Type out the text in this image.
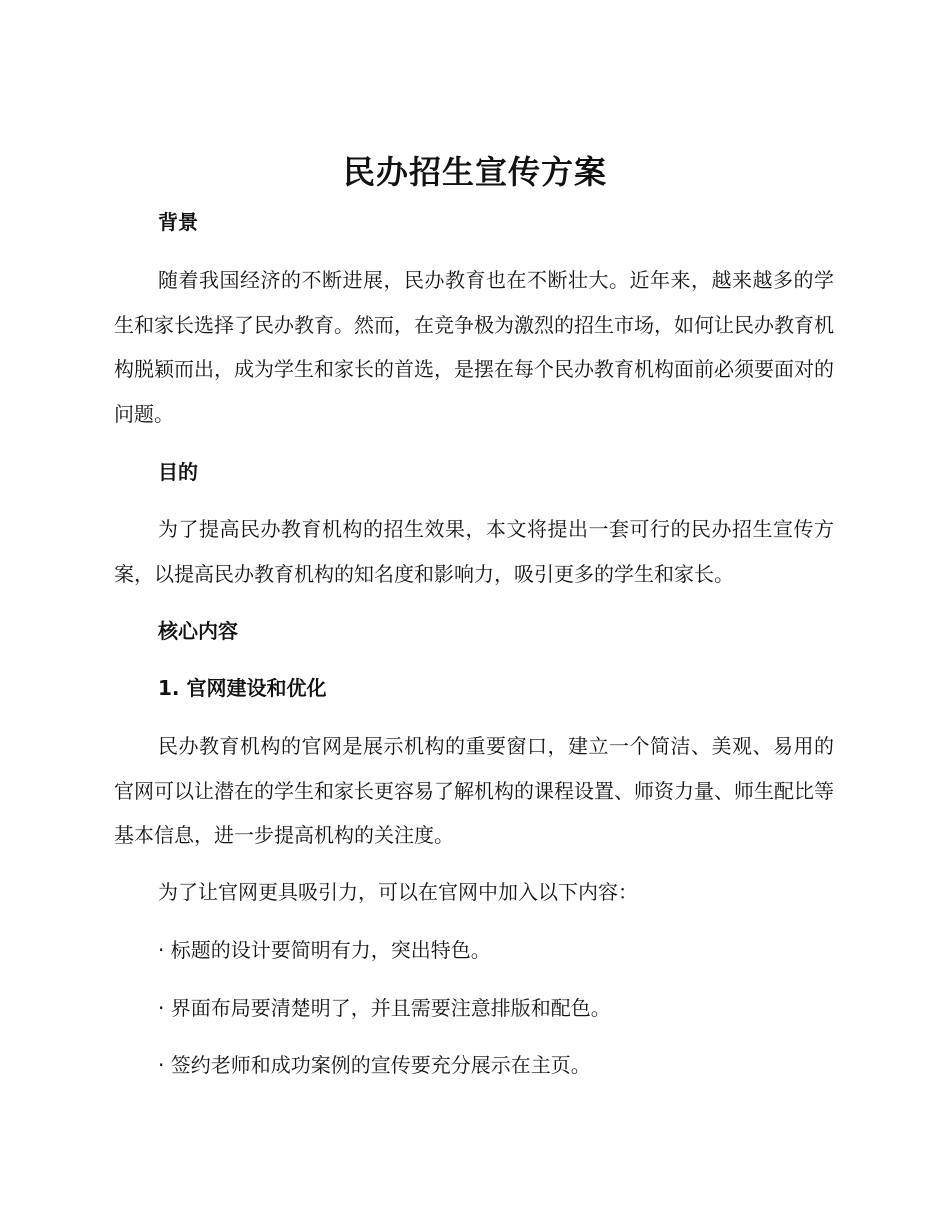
民办招生宣传方案
背景
随着我国经济的不断进展，民办教育也在不断壮大。近年来，越来越多的学生和家长选择了民办教育。然而，在竞争极为激烈的招生市场，如何让民办教育机构脱颖而出，成为学生和家长的首选，是摆在每个民办教育机构面前必须要面对的问题。
目的
为了提高民办教育机构的招生效果，本文将提出一套可行的民办招生宣传方案，以提高民办教育机构的知名度和影响力，吸引更多的学生和家长。
核心内容
1. 官网建设和优化
民办教育机构的官网是展示机构的重要窗口，建立一个简洁、美观、易用的官网可以让潜在的学生和家长更容易了解机构的课程设置、师资力量、师生配比等基本信息，进一步提高机构的关注度。
为了让官网更具吸引力，可以在官网中加入以下内容：
· 标题的设计要简明有力，突出特色。
· 界面布局要清楚明了，并且需要注意排版和配色。
· 签约老师和成功案例的宣传要充分展示在主页。
